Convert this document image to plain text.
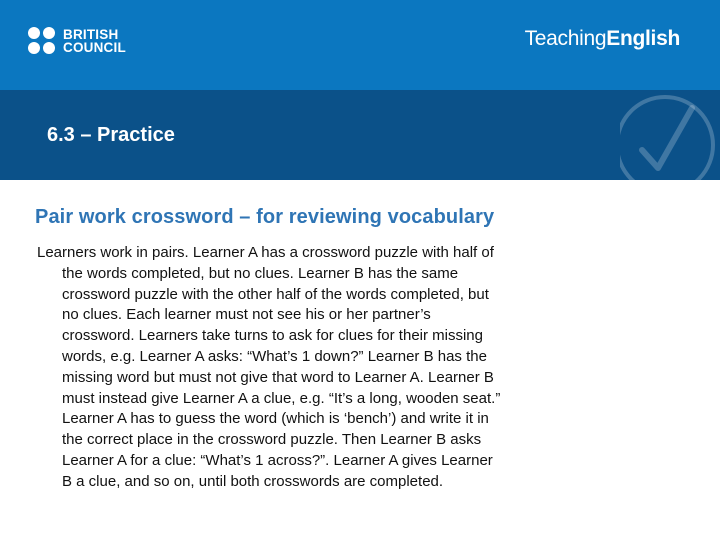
BRITISH
COUNCIL	TeachingEnglish
6.3 – Practice
Pair work crossword – for reviewing vocabulary

Learners work in pairs. Learner A has a crossword puzzle with half of
the words completed, but no clues. Learner B has the same
crossword puzzle with the other half of the words completed, but
no clues. Each learner must not see his or her partner’s
crossword. Learners take turns to ask for clues for their missing
words, e.g. Learner A asks: “What’s 1 down?” Learner B has the
missing word but must not give that word to Learner A. Learner B
must instead give Learner A a clue, e.g. “It’s a long, wooden seat.”
Learner A has to guess the word (which is ‘bench’) and write it in
the correct place in the crossword puzzle. Then Learner B asks
Learner A for a clue: “What’s 1 across?”. Learner A gives Learner
B a clue, and so on, until both crosswords are completed.
